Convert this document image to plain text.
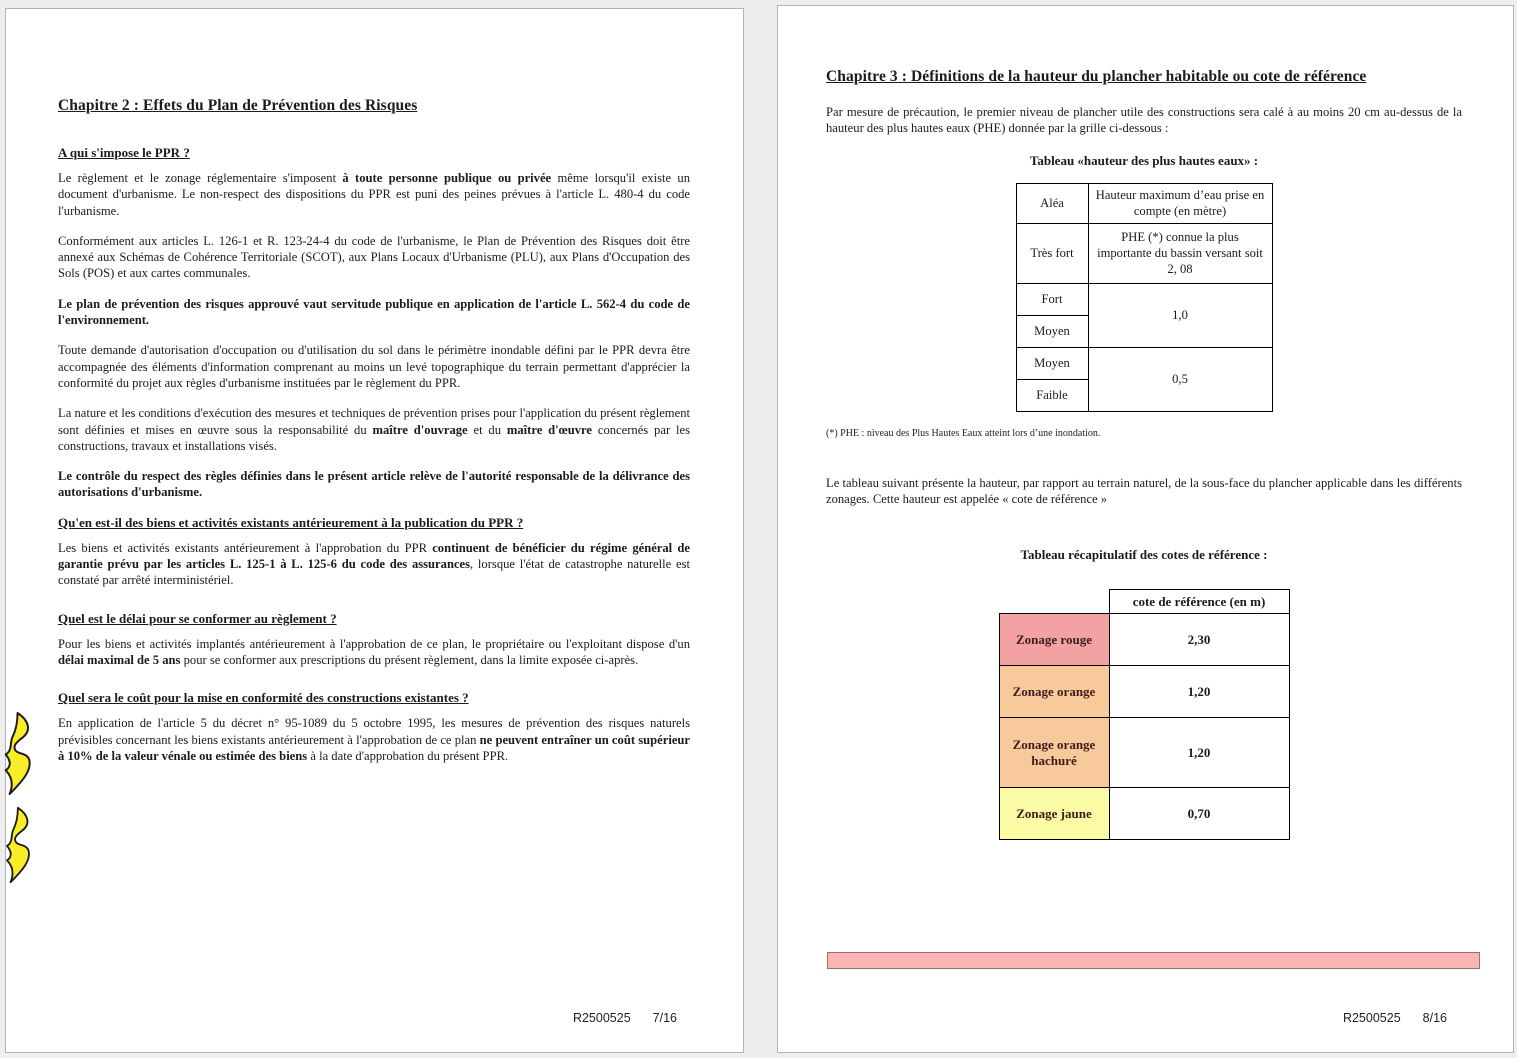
Chapitre 2 : Effets du Plan de Prévention des Risques
A qui s'impose le PPR ?

Le règlement et le zonage réglementaire s'imposent à toute personne publique ou privée même lorsqu'il existe un document d'urbanisme. Le non-respect des dispositions du PPR est puni des peines prévues à l'article L. 480-4 du code l'urbanisme.

Conformément aux articles L. 126-1 et R. 123-24-4 du code de l'urbanisme, le Plan de Prévention des Risques doit être annexé aux Schémas de Cohérence Territoriale (SCOT), aux Plans Locaux d'Urbanisme (PLU), aux Plans d'Occupation des Sols (POS) et aux cartes communales.

Le plan de prévention des risques approuvé vaut servitude publique en application de l'article L. 562-4 du code de l'environnement.

Toute demande d'autorisation d'occupation ou d'utilisation du sol dans le périmètre inondable défini par le PPR devra être accompagnée des éléments d'information comprenant au moins un levé topographique du terrain permettant d'apprécier la conformité du projet aux règles d'urbanisme instituées par le règlement du PPR.

La nature et les conditions d'exécution des mesures et techniques de prévention prises pour l'application du présent règlement sont définies et mises en œuvre sous la responsabilité du maître d'ouvrage et du maître d'œuvre concernés par les constructions, travaux et installations visés.

Le contrôle du respect des règles définies dans le présent article relève de l'autorité responsable de la délivrance des autorisations d'urbanisme.

Qu'en est-il des biens et activités existants antérieurement à la publication du PPR ?

Les biens et activités existants antérieurement à l'approbation du PPR continuent de bénéficier du régime général de garantie prévu par les articles L. 125-1 à L. 125-6 du code des assurances, lorsque l'état de catastrophe naturelle est constaté par arrêté interministériel.

Quel est le délai pour se conformer au règlement ?

Pour les biens et activités implantés antérieurement à l'approbation de ce plan, le propriétaire ou l'exploitant dispose d'un délai maximal de 5 ans pour se conformer aux prescriptions du présent règlement, dans la limite exposée ci-après.

Quel sera le coût pour la mise en conformité des constructions existantes ?

En application de l'article 5 du décret n° 95-1089 du 5 octobre 1995, les mesures de prévention des risques naturels prévisibles concernant les biens existants antérieurement à l'approbation de ce plan ne peuvent entraîner un coût supérieur à 10% de la valeur vénale ou estimée des biens à la date d'approbation du présent PPR.

R2500525 7/16
Chapitre 3 : Définitions de la hauteur du plancher habitable ou cote de référence

Par mesure de précaution, le premier niveau de plancher utile des constructions sera calé à au moins 20 cm au-dessus de la hauteur des plus hautes eaux (PHE) donnée par la grille ci-dessous :

Tableau «hauteur des plus hautes eaux» :
Aléa	Hauteur maximum d’eau prise en compte (en mètre)
Très fort	PHE (*) connue la plus importante du bassin versant soit 2, 08
Fort	1,0
Moyen	
Moyen	0,5
Faible	

(*) PHE : niveau des Plus Hautes Eaux atteint lors d’une inondation.

Le tableau suivant présente la hauteur, par rapport au terrain naturel, de la sous-face du plancher applicable dans les différents zonages. Cette hauteur est appelée « cote de référence »

Tableau récapitulatif des cotes de référence :
	cote de référence (en m)
Zonage rouge	2,30
Zonage orange	1,20
Zonage orange hachuré	1,20
Zonage jaune	0,70
R2500525 8/16
